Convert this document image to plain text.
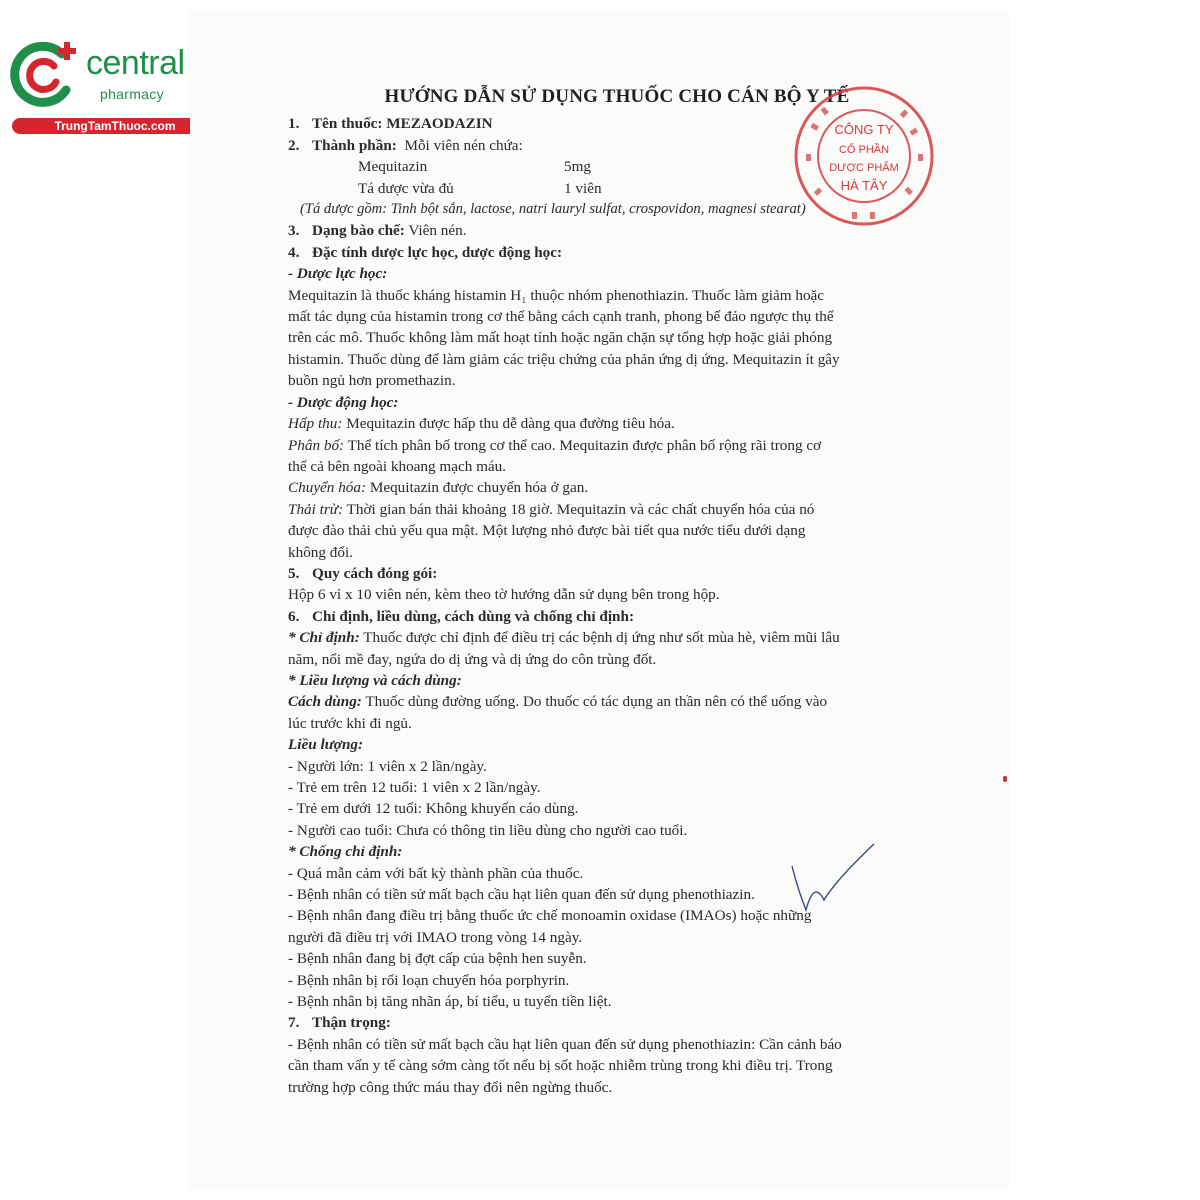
central
pharmacy
TrungTamThuoc.com
HƯỚNG DẪN SỬ DỤNG THUỐC CHO CÁN BỘ Y TẾ
1. Tên thuốc: MEZAODAZIN
2. Thành phần: Mỗi viên nén chứa:
Mequitazin	5mg
Tá dược vừa đủ	1 viên
(Tá dược gồm: Tinh bột sắn, lactose, natri lauryl sulfat, crospovidon, magnesi stearat)
3. Dạng bào chế: Viên nén.
4. Đặc tính dược lực học, dược động học:
- Dược lực học:
Mequitazin là thuốc kháng histamin H₁ thuộc nhóm phenothiazin. Thuốc làm giảm hoặc
mất tác dụng của histamin trong cơ thể bằng cách cạnh tranh, phong bế đảo ngược thụ thể
trên các mô. Thuốc không làm mất hoạt tính hoặc ngăn chặn sự tổng hợp hoặc giải phóng
histamin. Thuốc dùng để làm giảm các triệu chứng của phản ứng dị ứng. Mequitazin ít gây
buồn ngủ hơn promethazin.
- Dược động học:
Hấp thu: Mequitazin được hấp thu dễ dàng qua đường tiêu hóa.
Phân bố: Thể tích phân bố trong cơ thể cao. Mequitazin được phân bố rộng rãi trong cơ
thể cả bên ngoài khoang mạch máu.
Chuyển hóa: Mequitazin được chuyển hóa ở gan.
Thải trừ: Thời gian bán thải khoảng 18 giờ. Mequitazin và các chất chuyển hóa của nó
được đào thải chủ yếu qua mật. Một lượng nhỏ được bài tiết qua nước tiểu dưới dạng
không đổi.
5. Quy cách đóng gói:
Hộp 6 vỉ x 10 viên nén, kèm theo tờ hướng dẫn sử dụng bên trong hộp.
6. Chỉ định, liều dùng, cách dùng và chống chỉ định:
* Chỉ định: Thuốc được chỉ định để điều trị các bệnh dị ứng như sốt mùa hè, viêm mũi lâu
năm, nổi mề đay, ngứa do dị ứng và dị ứng do côn trùng đốt.
* Liều lượng và cách dùng:
Cách dùng: Thuốc dùng đường uống. Do thuốc có tác dụng an thần nên có thể uống vào
lúc trước khi đi ngủ.
Liều lượng:
- Người lớn: 1 viên x 2 lần/ngày.
- Trẻ em trên 12 tuổi: 1 viên x 2 lần/ngày.
- Trẻ em dưới 12 tuổi: Không khuyến cáo dùng.
- Người cao tuổi: Chưa có thông tin liều dùng cho người cao tuổi.
* Chống chỉ định:
- Quá mẫn cảm với bất kỳ thành phần của thuốc.
- Bệnh nhân có tiền sử mất bạch cầu hạt liên quan đến sử dụng phenothiazin.
- Bệnh nhân đang điều trị bằng thuốc ức chế monoamin oxidase (IMAOs) hoặc những
người đã điều trị với IMAO trong vòng 14 ngày.
- Bệnh nhân đang bị đợt cấp của bệnh hen suyễn.
- Bệnh nhân bị rối loạn chuyển hóa porphyrin.
- Bệnh nhân bị tăng nhãn áp, bí tiểu, u tuyến tiền liệt.
7. Thận trọng:
- Bệnh nhân có tiền sử mất bạch cầu hạt liên quan đến sử dụng phenothiazin: Cần cảnh báo
cần tham vấn y tế càng sớm càng tốt nếu bị sốt hoặc nhiễm trùng trong khi điều trị. Trong
trường hợp công thức máu thay đổi nên ngừng thuốc.
CÔNG TY
CỔ PHẦN
DƯỢC PHẨM
HÀ TÂY
